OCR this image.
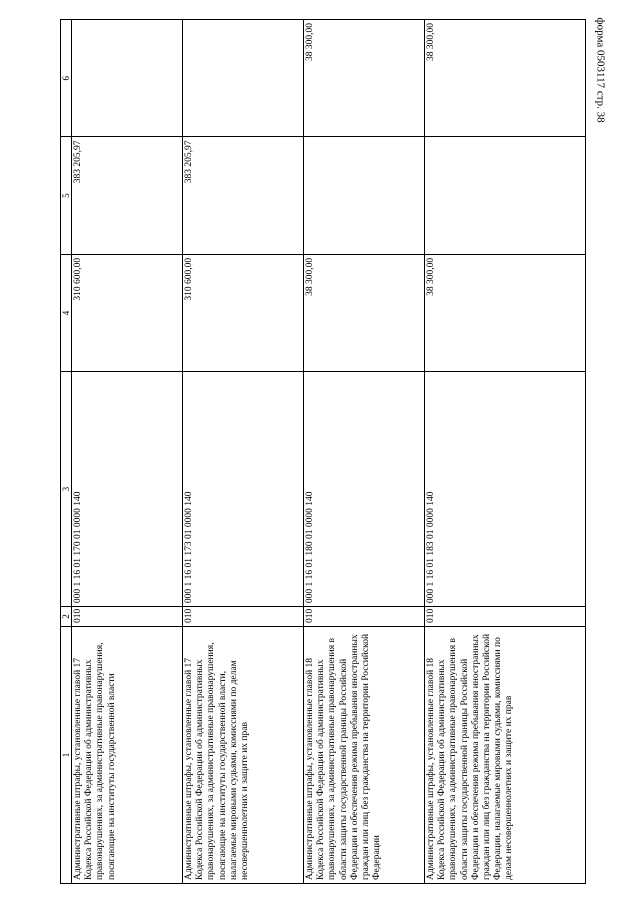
форма 0503117 стр. 38
1	2	3	4	5	6
Административные штрафы, установленные главой 17 Кодекса Российской Федерации об административных правонарушениях, за административные правонарушения, посягающие на институты государственной власти	010	000 1 16 01 170 01 0000 140	310 600,00	383 205,97	
Административные штрафы, установленные главой 17 Кодекса Российской Федерации об административных правонарушениях, за административные правонарушения, посягающие на институты государственной власти, налагаемые мировыми судьями, комиссиями по делам несовершеннолетних и защите их прав	010	000 1 16 01 173 01 0000 140	310 600,00	383 205,97	
Административные штрафы, установленные главой 18 Кодекса Российской Федерации об административных правонарушениях, за административные правонарушения в области защиты государственной границы Российской Федерации и обеспечения режима пребывания иностранных граждан или лиц без гражданства на территории Российской Федерации	010	000 1 16 01 180 01 0000 140	38 300,00		38 300,00
Административные штрафы, установленные главой 18 Кодекса Российской Федерации об административных правонарушениях, за административные правонарушения в области защиты государственной границы Российской Федерации и обеспечения режима пребывания иностранных граждан или лиц без гражданства на территории Российской Федерации, налагаемые мировыми судьями, комиссиями по делам несовершеннолетних и защите их прав	010	000 1 16 01 183 01 0000 140	38 300,00		38 300,00
